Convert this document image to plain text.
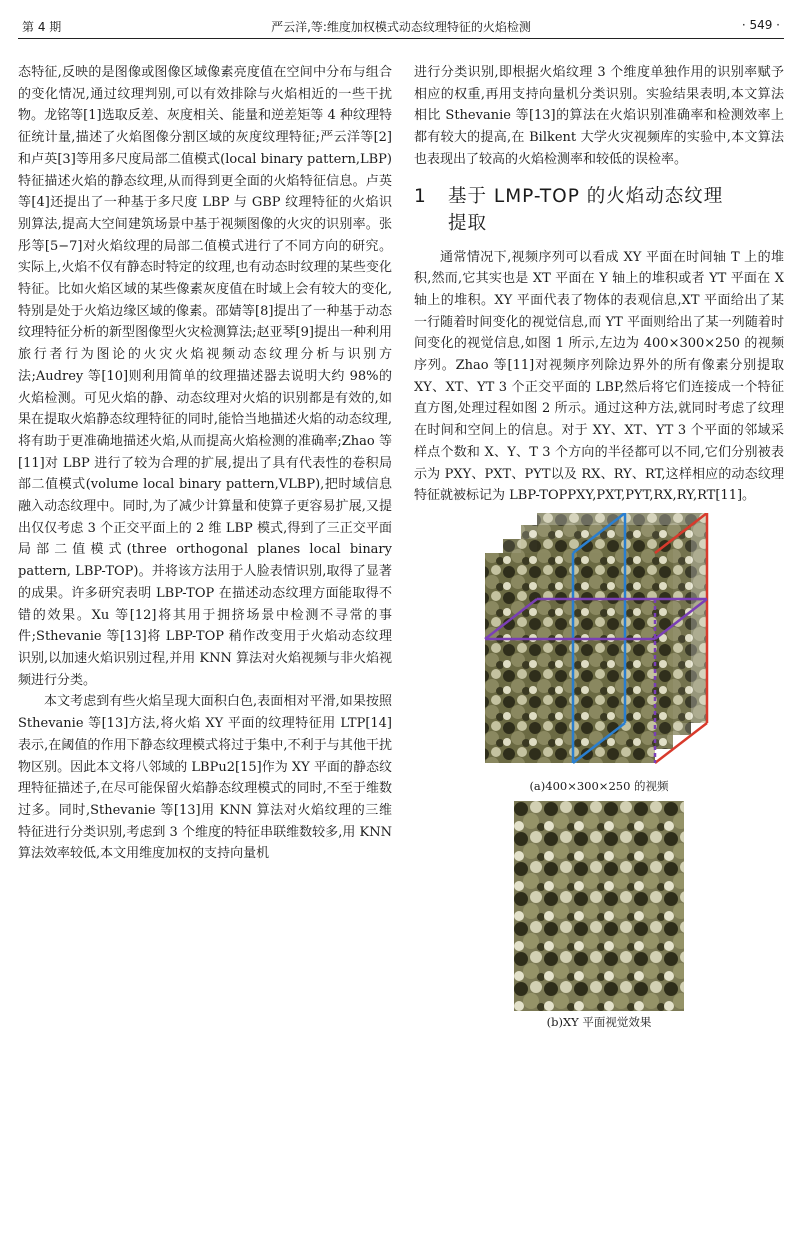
第 4 期	严云洋,等:维度加权模式动态纹理特征的火焰检测	· 549 ·

态特征,反映的是图像或图像区域像素亮度值在空间中分布与组合的变化情况,通过纹理判别,可以有效排除与火焰相近的一些干扰物。龙铭等[1]选取反差、灰度相关、能量和逆差矩等 4 种纹理特征统计量,描述了火焰图像分割区域的灰度纹理特征;严云洋等[2]和卢英[3]等用多尺度局部二值模式(local binary pattern,LBP)特征描述火焰的静态纹理,从而得到更全面的火焰特征信息。卢英等[4]还提出了一种基于多尺度 LBP 与 GBP 纹理特征的火焰识别算法,提高大空间建筑场景中基于视频图像的火灾的识别率。张彤等[5−7]对火焰纹理的局部二值模式进行了不同方向的研究。实际上,火焰不仅有静态时特定的纹理,也有动态时纹理的某些变化特征。比如火焰区域的某些像素灰度值在时域上会有较大的变化,特别是处于火焰边缘区域的像素。邵婧等[8]提出了一种基于动态纹理特征分析的新型图像型火灾检测算法;赵亚琴[9]提出一种利用旅行者行为图论的火灾火焰视频动态纹理分析与识别方法;Audrey 等[10]则利用简单的纹理描述器去说明大约 98%的火焰检测。可见火焰的静、动态纹理对火焰的识别都是有效的,如果在提取火焰静态纹理特征的同时,能恰当地描述火焰的动态纹理,将有助于更准确地描述火焰,从而提高火焰检测的准确率;Zhao 等[11]对 LBP 进行了较为合理的扩展,提出了具有代表性的卷积局部二值模式(volume local binary pattern,VLBP),把时域信息融入动态纹理中。同时,为了减少计算量和使算子更容易扩展,又提出仅仅考虑 3 个正交平面上的 2 维 LBP 模式,得到了三正交平面局部二值模式(three orthogonal planes local binary pattern, LBP-TOP)。并将该方法用于人脸表情识别,取得了显著的成果。许多研究表明 LBP-TOP 在描述动态纹理方面能取得不错的效果。Xu 等[12]将其用于拥挤场景中检测不寻常的事件;Sthevanie 等[13]将 LBP-TOP 稍作改变用于火焰动态纹理识别,以加速火焰识别过程,并用 KNN 算法对火焰视频与非火焰视频进行分类。

本文考虑到有些火焰呈现大面积白色,表面相对平滑,如果按照 Sthevanie 等[13]方法,将火焰 XY 平面的纹理特征用 LTP[14]表示,在阈值的作用下静态纹理模式将过于集中,不利于与其他干扰物区别。因此本文将八邻域的 LBPu2[15]作为 XY 平面的静态纹理特征描述子,在尽可能保留火焰静态纹理模式的同时,不至于维数过多。同时,Sthevanie 等[13]用 KNN 算法对火焰纹理的三维特征进行分类识别,考虑到 3 个维度的特征串联维数较多,用 KNN 算法效率较低,本文用维度加权的支持向量机

进行分类识别,即根据火焰纹理 3 个维度单独作用的识别率赋予相应的权重,再用支持向量机分类识别。实验结果表明,本文算法相比 Sthevanie 等[13]的算法在火焰识别准确率和检测效率上都有较大的提高,在 Bilkent 大学火灾视频库的实验中,本文算法也表现出了较高的火焰检测率和较低的误检率。

1 基于 LMP-TOP 的火焰动态纹理
提取

通常情况下,视频序列可以看成 XY 平面在时间轴 T 上的堆积,然而,它其实也是 XT 平面在 Y 轴上的堆积或者 YT 平面在 X 轴上的堆积。XY 平面代表了物体的表观信息,XT 平面给出了某一行随着时间变化的视觉信息,而 YT 平面则给出了某一列随着时间变化的视觉信息,如图 1 所示,左边为 400×300×250 的视频序列。Zhao 等[11]对视频序列除边界外的所有像素分别提取 XY、XT、YT 3 个正交平面的 LBP,然后将它们连接成一个特征直方图,处理过程如图 2 所示。通过这种方法,就同时考虑了纹理在时间和空间上的信息。对于 XY、XT、YT 3 个平面的邻域采样点个数和 X、Y、T 3 个方向的半径都可以不同,它们分别被表示为 PXY、PXT、PYT以及 RX、RY、RT,这样相应的动态纹理特征就被标记为 LBP-TOPPXY,PXT,PYT,RX,RY,RT[11]。

(a)400×300×250 的视频
(b)XY 平面视觉效果
